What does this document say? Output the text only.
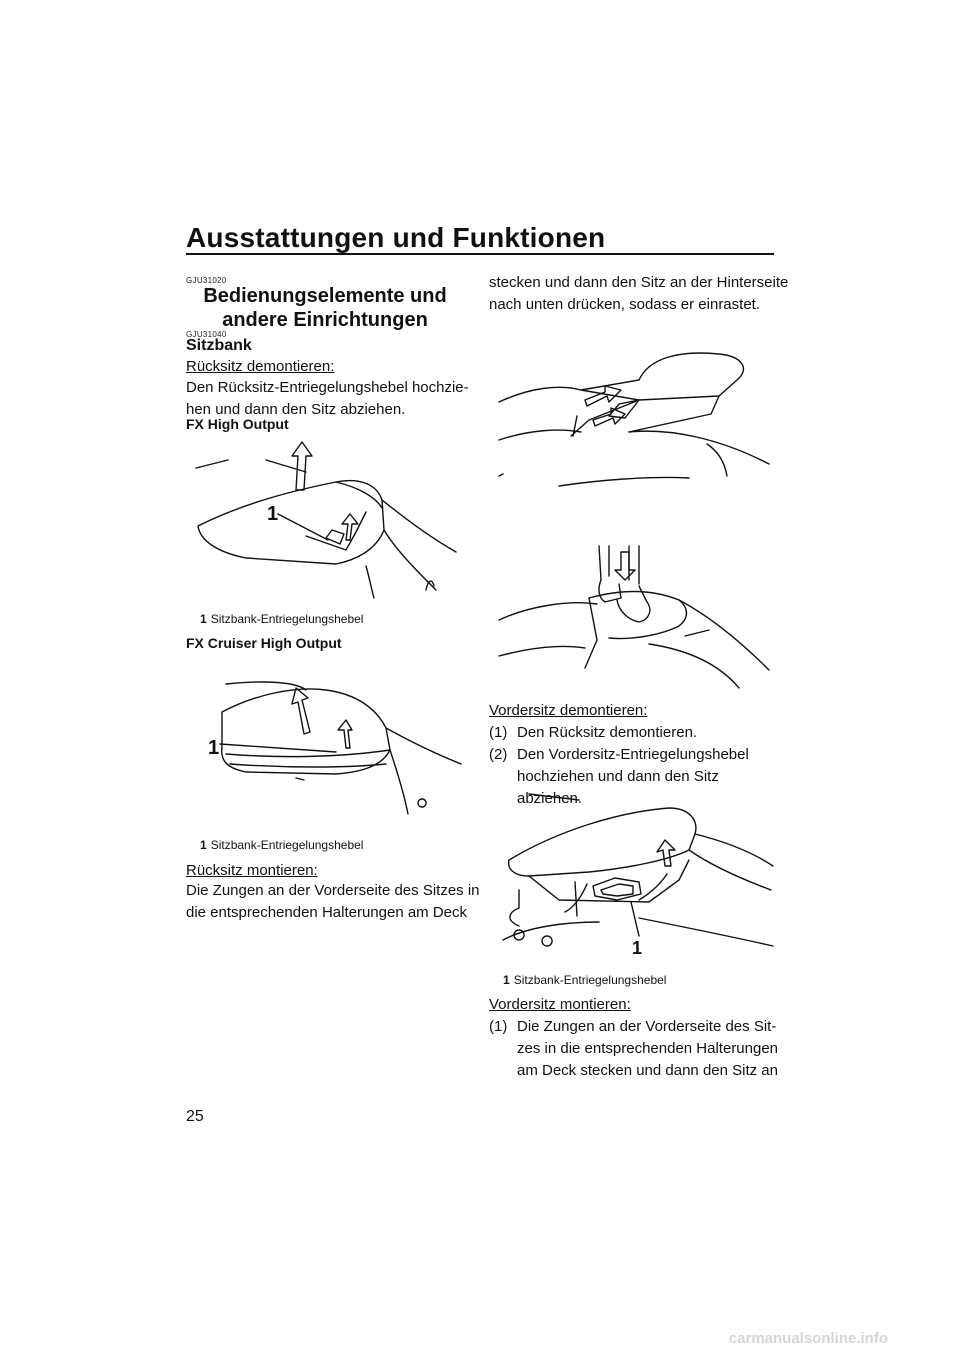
Ausstattungen und Funktionen
GJU31020
Bedienungselemente und
andere Einrichtungen
GJU31040
Sitzbank
Rücksitz demontieren:
Den Rücksitz-Entriegelungshebel hochzie-
hen und dann den Sitz abziehen.
FX High Output
1
1 Sitzbank-Entriegelungshebel
FX Cruiser High Output
1
1 Sitzbank-Entriegelungshebel
Rücksitz montieren:
Die Zungen an der Vorderseite des Sitzes in
die entsprechenden Halterungen am Deck
stecken und dann den Sitz an der Hinterseite
nach unten drücken, sodass er einrastet.
Vordersitz demontieren:
(1) Den Rücksitz demontieren.
(2) Den Vordersitz-Entriegelungshebel
hochziehen und dann den Sitz abziehen.
1
1 Sitzbank-Entriegelungshebel
Vordersitz montieren:
(1) Die Zungen an der Vorderseite des Sit-
zes in die entsprechenden Halterungen
am Deck stecken und dann den Sitz an
25
carmanualsonline.info
